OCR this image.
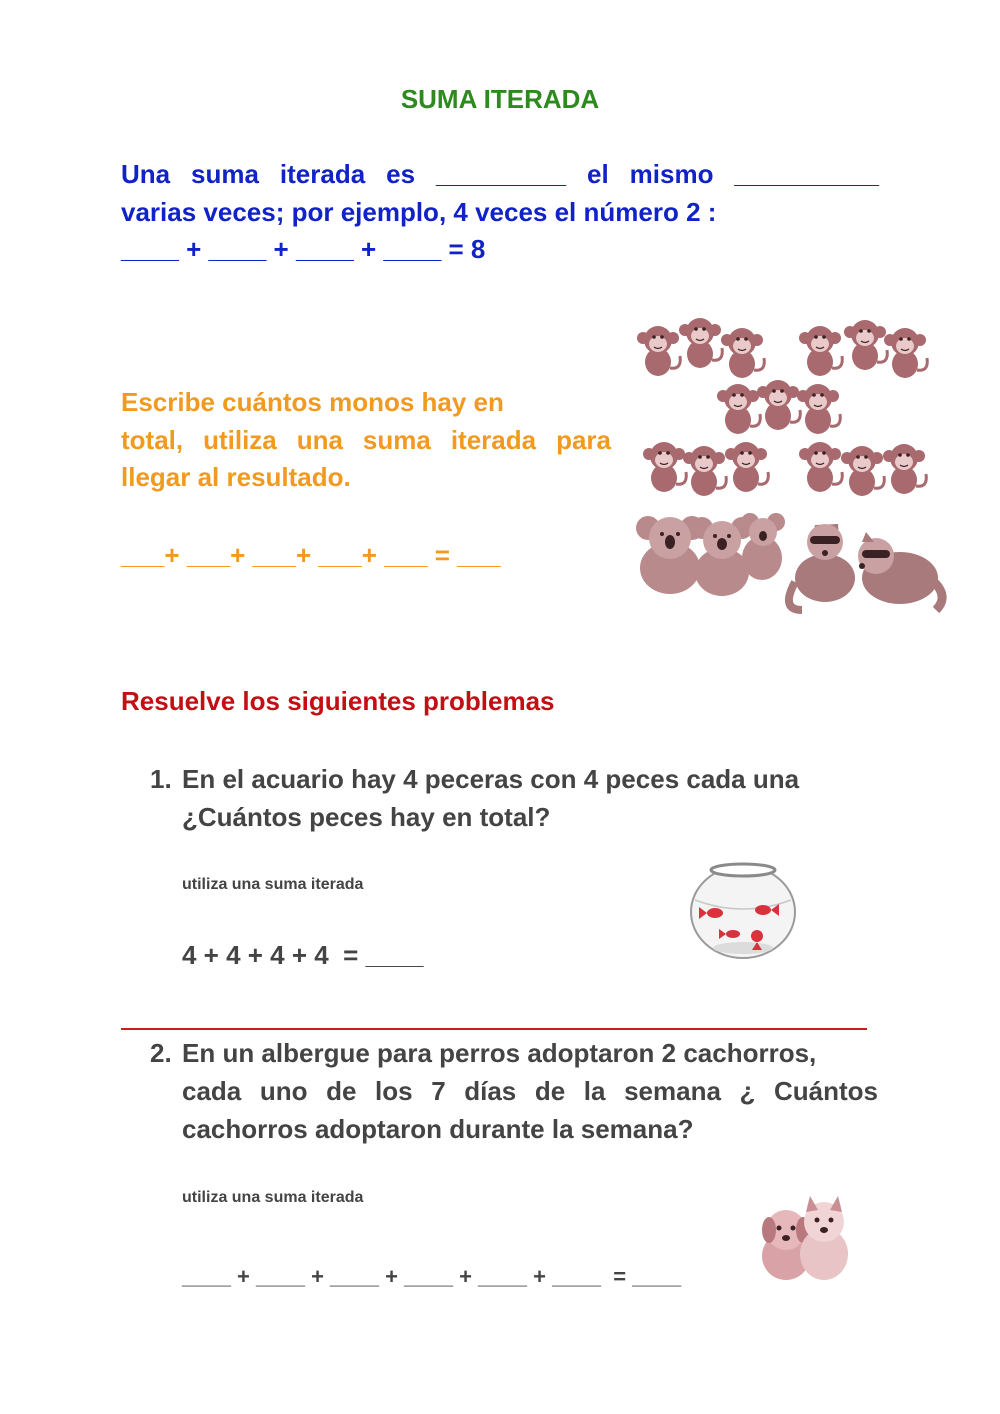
SUMA ITERADA
Una suma iterada es _________ el mismo __________
varias veces; por ejemplo, 4 veces el número 2 :
____ + ____ + ____ + ____ = 8
Escribe cuántos monos hay en
total, utiliza una suma iterada para
llegar al resultado.
___+ ___+ ___+ ___+ ___ = ___
Resuelve los siguientes problemas
1. En el acuario hay 4 peceras con 4 peces cada una
¿Cuántos peces hay en total?
utiliza una suma iterada
4 + 4 + 4 + 4  = ____
2. En un albergue para perros adoptaron 2 cachorros,
cada uno de los 7 días de la semana ¿ Cuántos
cachorros adoptaron durante la semana?
utiliza una suma iterada
____ + ____ + ____ + ____ + ____ + ____  = ____
